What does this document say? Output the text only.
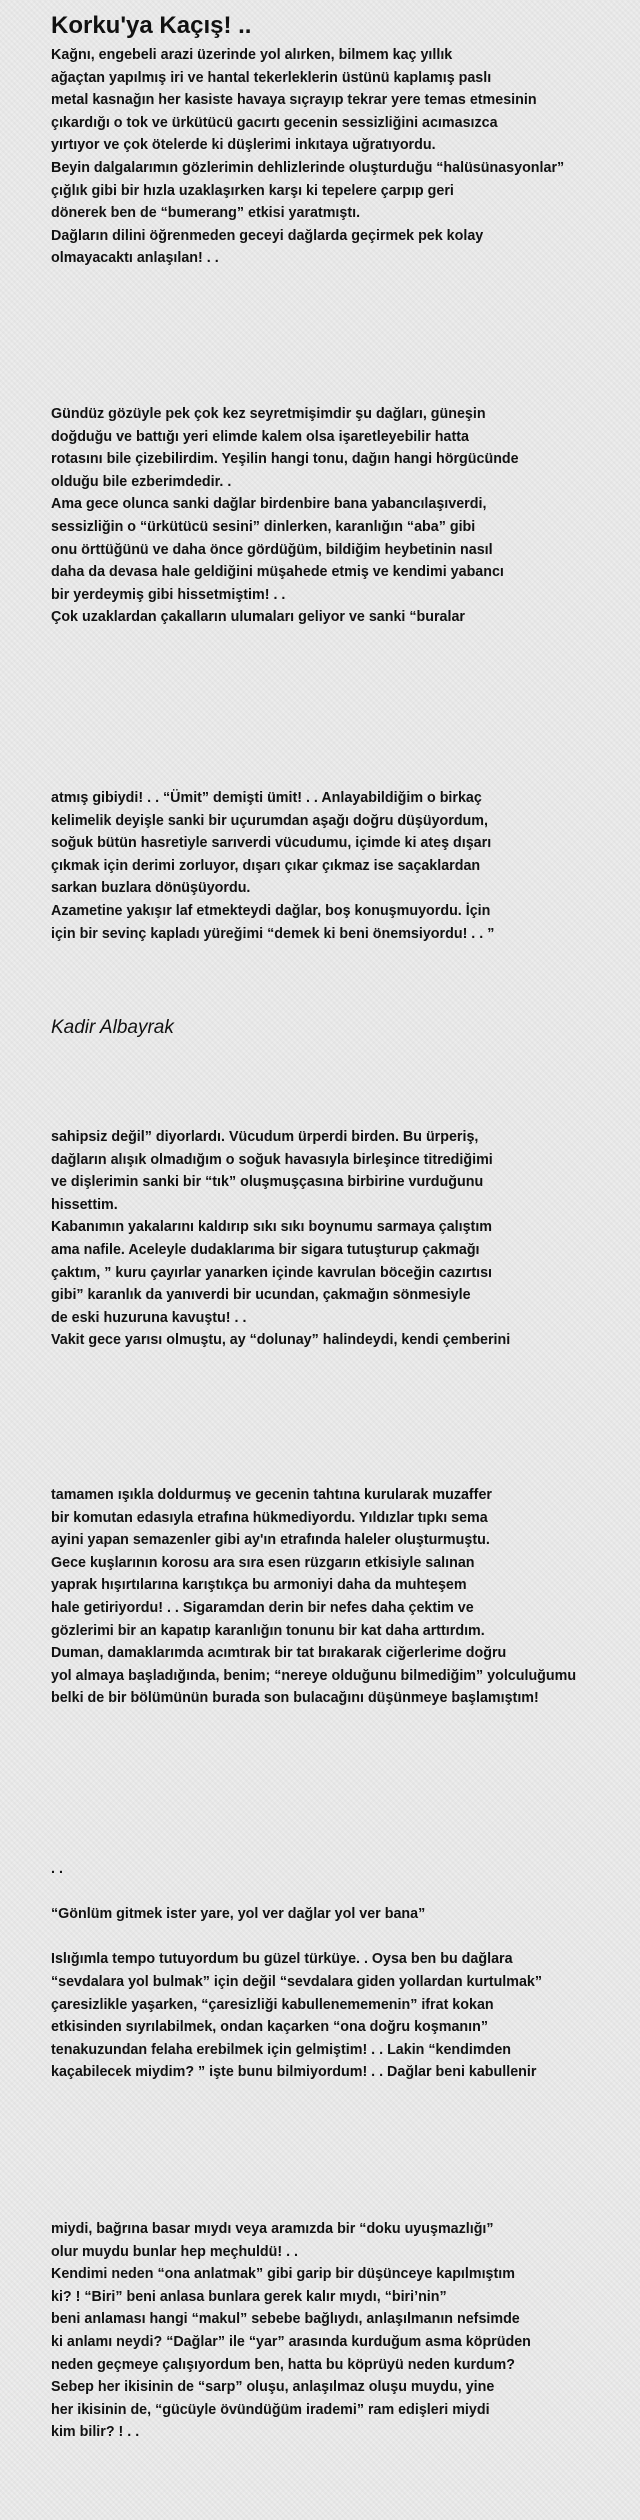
Korku'ya Kaçış! ..
Kağnı, engebeli arazi üzerinde yol alırken, bilmem kaç yıllık
ağaçtan yapılmış iri ve hantal tekerleklerin üstünü kaplamış paslı
metal kasnağın her kasiste havaya sıçrayıp tekrar yere temas etmesinin
çıkardığı o tok ve ürkütücü gacırtı gecenin sessizliğini acımasızca
yırtıyor ve çok ötelerde ki düşlerimi inkıtaya uğratıyordu.
Beyin dalgalarımın gözlerimin dehlizlerinde oluşturduğu “halüsünasyonlar”
çığlık gibi bir hızla uzaklaşırken karşı ki tepelere çarpıp geri
dönerek ben de “bumerang” etkisi yaratmıştı.
Dağların dilini öğrenmeden geceyi dağlarda geçirmek pek kolay
olmayacaktı anlaşılan! . .
Gündüz gözüyle pek çok kez seyretmişimdir şu dağları, güneşin
doğduğu ve battığı yeri elimde kalem olsa işaretleyebilir hatta
rotasını bile çizebilirdim. Yeşilin hangi tonu, dağın hangi hörgücünde
olduğu bile ezberimdedir. .
Ama gece olunca sanki dağlar birdenbire bana yabancılaşıverdi,
sessizliğin o “ürkütücü sesini” dinlerken, karanlığın “aba” gibi
onu örttüğünü ve daha önce gördüğüm, bildiğim heybetinin nasıl
daha da devasa hale geldiğini müşahede etmiş ve kendimi yabancı
bir yerdeymiş gibi hissetmiştim! . .
Çok uzaklardan çakalların ulumaları geliyor ve sanki “buralar
atmış gibiydi! . . “Ümit” demişti ümit! . . Anlayabildiğim o birkaç
kelimelik deyişle sanki bir uçurumdan aşağı doğru düşüyordum,
soğuk bütün hasretiyle sarıverdi vücudumu, içimde ki ateş dışarı
çıkmak için derimi zorluyor, dışarı çıkar çıkmaz ise saçaklardan
sarkan buzlara dönüşüyordu.
Azametine yakışır laf etmekteydi dağlar, boş konuşmuyordu. İçin
için bir sevinç kapladı yüreğimi “demek ki beni önemsiyordu! . . ”

Kadir Albayrak

sahipsiz değil” diyorlardı. Vücudum ürperdi birden. Bu ürperiş,
dağların alışık olmadığım o soğuk havasıyla birleşince titrediğimi
ve dişlerimin sanki bir “tık” oluşmuşçasına birbirine vurduğunu
hissettim.
Kabanımın yakalarını kaldırıp sıkı sıkı boynumu sarmaya çalıştım
ama nafile. Aceleyle dudaklarıma bir sigara tutuşturup çakmağı
çaktım, ” kuru çayırlar yanarken içinde kavrulan böceğin cazırtısı
gibi” karanlık da yanıverdi bir ucundan, çakmağın sönmesiyle
de eski huzuruna kavuştu! . .
Vakit gece yarısı olmuştu, ay “dolunay” halindeydi, kendi çemberini
tamamen ışıkla doldurmuş ve gecenin tahtına kurularak muzaffer
bir komutan edasıyla etrafına hükmediyordu. Yıldızlar tıpkı sema
ayini yapan semazenler gibi ay'ın etrafında haleler oluşturmuştu.
Gece kuşlarının korosu ara sıra esen rüzgarın etkisiyle salınan
yaprak hışırtılarına karıştıkça bu armoniyi daha da muhteşem
hale getiriyordu! . . Sigaramdan derin bir nefes daha çektim ve
gözlerimi bir an kapatıp karanlığın tonunu bir kat daha arttırdım.
Duman, damaklarımda acımtırak bir tat bırakarak ciğerlerime doğru
yol almaya başladığında, benim; “nereye olduğunu bilmediğim” yolculuğumu
belki de bir bölümünün burada son bulacağını düşünmeye başlamıştım!
. .
“Gönlüm gitmek ister yare, yol ver dağlar yol ver bana”
Islığımla tempo tutuyordum bu güzel türküye. . Oysa ben bu dağlara
“sevdalara yol bulmak” için değil “sevdalara giden yollardan kurtulmak”
çaresizlikle yaşarken, “çaresizliği kabullenememenin” ifrat kokan
etkisinden sıyrılabilmek, ondan kaçarken “ona doğru koşmanın”
tenakuzundan felaha erebilmek için gelmiştim! . . Lakin “kendimden
kaçabilecek miydim? ” işte bunu bilmiyordum! . . Dağlar beni kabullenir
miydi, bağrına basar mıydı veya aramızda bir “doku uyuşmazlığı”
olur muydu bunlar hep meçhuldü! . .
Kendimi neden “ona anlatmak” gibi garip bir düşünceye kapılmıştım
ki? ! “Biri” beni anlasa bunlara gerek kalır mıydı, “biri’nin”
beni anlaması hangi “makul” sebebe bağlıydı, anlaşılmanın nefsimde
ki anlamı neydi? “Dağlar” ile “yar” arasında kurduğum asma köprüden
neden geçmeye çalışıyordum ben, hatta bu köprüyü neden kurdum?
Sebep her ikisinin de “sarp” oluşu, anlaşılmaz oluşu muydu, yine
her ikisinin de, “gücüyle övündüğüm irademi” ram edişleri miydi
kim bilir? ! . .
